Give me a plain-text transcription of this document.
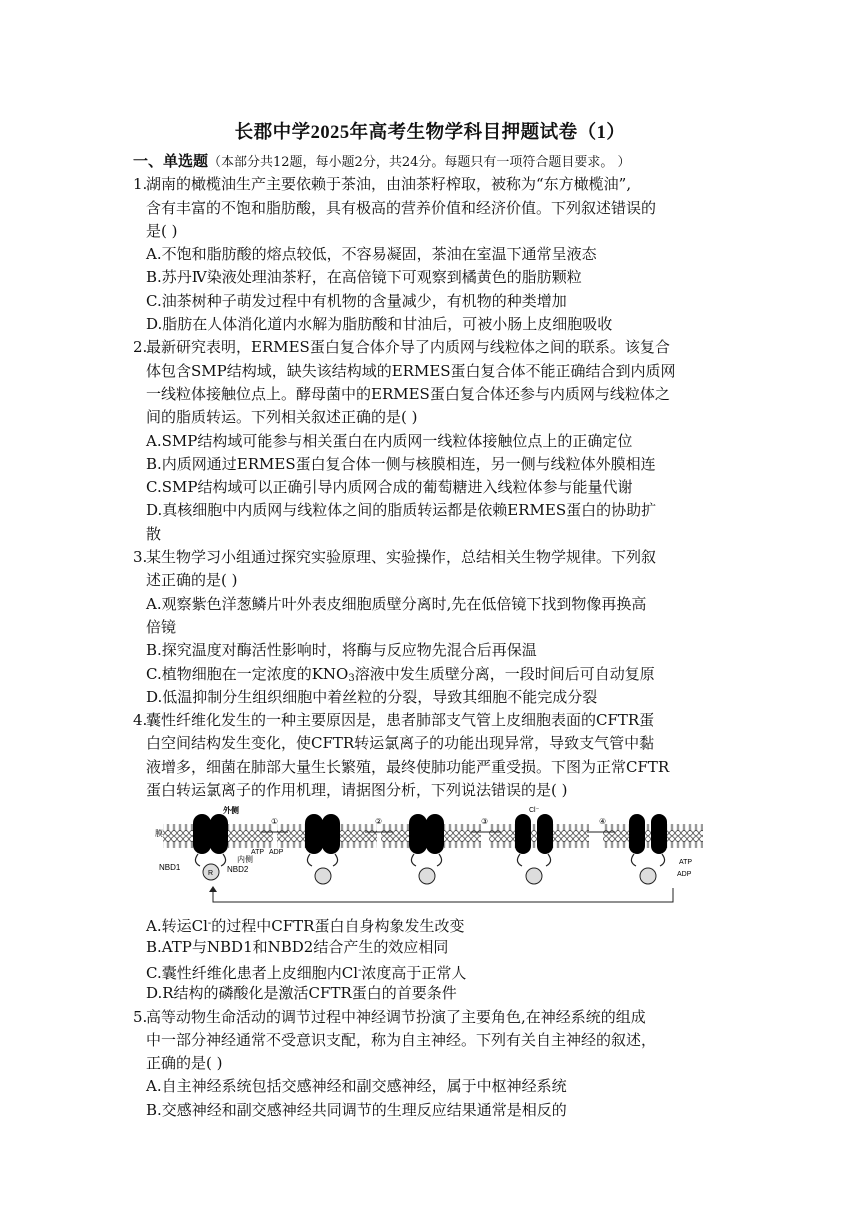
长郡中学2025年高考生物学科目押题试卷（1）
一、单选题（本部分共12题，每小题2分，共24分。每题只有一项符合题目要求。 ）
1.
湖南的橄榄油生产主要依赖于茶油，由油茶籽榨取，被称为“东方橄榄油”,
含有丰富的不饱和脂肪酸，具有极高的营养价值和经济价值。下列叙述错误的
是( )
A.不饱和脂肪酸的熔点较低，不容易凝固，茶油在室温下通常呈液态
B.苏丹Ⅳ染液处理油茶籽，在高倍镜下可观察到橘黄色的脂肪颗粒
C.油茶树种子萌发过程中有机物的含量减少，有机物的种类增加
D.脂肪在人体消化道内水解为脂肪酸和甘油后，可被小肠上皮细胞吸收
2.
最新研究表明，ERMES蛋白复合体介导了内质网与线粒体之间的联系。该复合
体包含SMP结构域，缺失该结构域的ERMES蛋白复合体不能正确结合到内质网
一线粒体接触位点上。酵母菌中的ERMES蛋白复合体还参与内质网与线粒体之
间的脂质转运。下列相关叙述正确的是( )
A.SMP结构域可能参与相关蛋白在内质网一线粒体接触位点上的正确定位
B.内质网通过ERMES蛋白复合体一侧与核膜相连，另一侧与线粒体外膜相连
C.SMP结构域可以正确引导内质网合成的葡萄糖进入线粒体参与能量代谢
D.真核细胞中内质网与线粒体之间的脂质转运都是依赖ERMES蛋白的协助扩
散
3.
某生物学习小组通过探究实验原理、实验操作，总结相关生物学规律。下列叙
述正确的是( )
A.观察紫色洋葱鳞片叶外表皮细胞质壁分离时,先在低倍镜下找到物像再换高
倍镜
B.探究温度对酶活性影响时，将酶与反应物先混合后再保温
C.植物细胞在一定浓度的$KNO_3$溶液中发生质壁分离，一段时间后可自动复原
D.低温抑制分生组织细胞中着丝粒的分裂，导致其细胞不能完成分裂
4.
囊性纤维化发生的一种主要原因是，患者肺部支气管上皮细胞表面的CFTR蛋
白空间结构发生变化，使CFTR转运氯离子的功能出现异常，导致支气管中黏
液增多，细菌在肺部大量生长繁殖，最终使肺功能严重受损。下图为正常CFTR
蛋白转运氯离子的作用机理，请据图分析，下列说法错误的是( )
膜
外侧
内侧
NBD1	NBD2
R
ATP ADP
①	②	③	④
Cl⁻
ATP
ADP
A.转运Cl-的过程中CFTR蛋白自身构象发生改变
B.ATP与NBD1和NBD2结合产生的效应相同
C.囊性纤维化患者上皮细胞内Cl-浓度高于正常人
D.R结构的磷酸化是激活CFTR蛋白的首要条件
5.
高等动物生命活动的调节过程中神经调节扮演了主要角色,在神经系统的组成
中一部分神经通常不受意识支配，称为自主神经。下列有关自主神经的叙述，
正确的是( )
A.自主神经系统包括交感神经和副交感神经，属于中枢神经系统
B.交感神经和副交感神经共同调节的生理反应结果通常是相反的
